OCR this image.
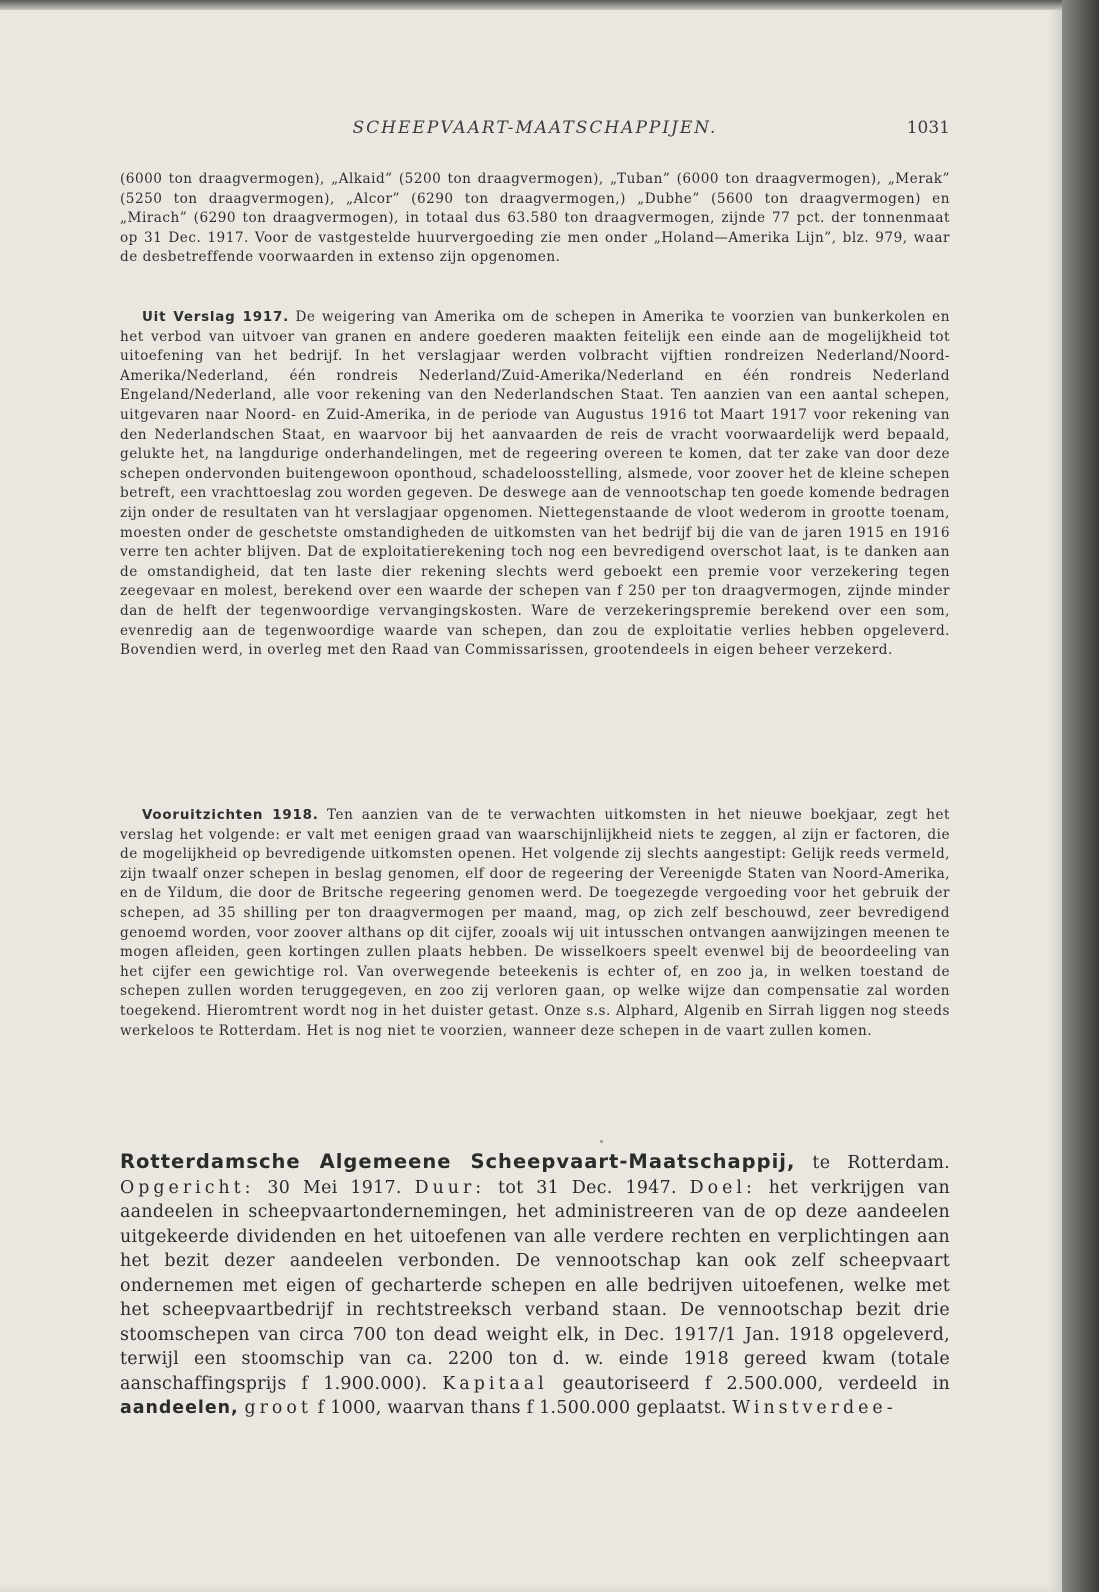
SCHEEPVAART-MAATSCHAPPIJEN.	1031

(6000 ton draagvermogen), „Alkaid” (5200 ton draagvermogen), „Tuban” (6000 ton draagvermogen), „Merak” (5250 ton draagvermogen), „Alcor” (6290 ton draagvermogen,) „Dubhe” (5600 ton draagvermogen) en „Mirach” (6290 ton draagvermogen), in totaal dus 63.580 ton draagvermogen, zijnde 77 pct. der tonnenmaat op 31 Dec. 1917. Voor de vastgestelde huurvergoeding zie men onder „Holand—Amerika Lijn”, blz. 979, waar de desbetreffende voorwaarden in extenso zijn opgenomen.

Uit Verslag 1917. De weigering van Amerika om de schepen in Amerika te voorzien van bunkerkolen en het verbod van uitvoer van granen en andere goederen maakten feitelijk een einde aan de mogelijkheid tot uitoefening van het bedrijf. In het verslagjaar werden volbracht vijftien rondreizen Nederland/Noord-Amerika/Nederland, één rondreis Nederland/Zuid-Amerika/Nederland en één rondreis Nederland Engeland/Nederland, alle voor rekening van den Nederlandschen Staat. Ten aanzien van een aantal schepen, uitgevaren naar Noord- en Zuid-Amerika, in de periode van Augustus 1916 tot Maart 1917 voor rekening van den Nederlandschen Staat, en waarvoor bij het aanvaarden de reis de vracht voorwaardelijk werd bepaald, gelukte het, na langdurige onderhandelingen, met de regeering overeen te komen, dat ter zake van door deze schepen ondervonden buitengewoon oponthoud, schadeloosstelling, alsmede, voor zoover het de kleine schepen betreft, een vrachttoeslag zou worden gegeven. De deswege aan de vennootschap ten goede komende bedragen zijn onder de resultaten van ht verslagjaar opgenomen. Niettegenstaande de vloot wederom in grootte toenam, moesten onder de geschetste omstandigheden de uitkomsten van het bedrijf bij die van de jaren 1915 en 1916 verre ten achter blijven. Dat de exploitatierekening toch nog een bevredigend overschot laat, is te danken aan de omstandigheid, dat ten laste dier rekening slechts werd geboekt een premie voor verzekering tegen zeegevaar en molest, berekend over een waarde der schepen van f 250 per ton draagvermogen, zijnde minder dan de helft der tegenwoordige vervangingskosten. Ware de verzekeringspremie berekend over een som, evenredig aan de tegenwoordige waarde van schepen, dan zou de exploitatie verlies hebben opgeleverd. Bovendien werd, in overleg met den Raad van Commissarissen, grootendeels in eigen beheer verzekerd.

Vooruitzichten 1918. Ten aanzien van de te verwachten uitkomsten in het nieuwe boekjaar, zegt het verslag het volgende: er valt met eenigen graad van waarschijnlijkheid niets te zeggen, al zijn er factoren, die de mogelijkheid op bevredigende uitkomsten openen. Het volgende zij slechts aangestipt: Gelijk reeds vermeld, zijn twaalf onzer schepen in beslag genomen, elf door de regeering der Vereenigde Staten van Noord-Amerika, en de Yildum, die door de Britsche regeering genomen werd. De toegezegde vergoeding voor het gebruik der schepen, ad 35 shilling per ton draagvermogen per maand, mag, op zich zelf beschouwd, zeer bevredigend genoemd worden, voor zoover althans op dit cijfer, zooals wij uit intusschen ontvangen aanwijzingen meenen te mogen afleiden, geen kortingen zullen plaats hebben. De wisselkoers speelt evenwel bij de beoordeeling van het cijfer een gewichtige rol. Van overwegende beteekenis is echter of, en zoo ja, in welken toestand de schepen zullen worden teruggegeven, en zoo zij verloren gaan, op welke wijze dan compensatie zal worden toegekend. Hieromtrent wordt nog in het duister getast. Onze s.s. Alphard, Algenib en Sirrah liggen nog steeds werkeloos te Rotterdam. Het is nog niet te voorzien, wanneer deze schepen in de vaart zullen komen.

Rotterdamsche Algemeene Scheepvaart-Maatschappij, te Rotterdam. Opgericht: 30 Mei 1917. Duur: tot 31 Dec. 1947. Doel: het verkrijgen van aandeelen in scheepvaartondernemingen, het administreeren van de op deze aandeelen uitgekeerde dividenden en het uitoefenen van alle verdere rechten en verplichtingen aan het bezit dezer aandeelen verbonden. De vennootschap kan ook zelf scheepvaart ondernemen met eigen of gecharterde schepen en alle bedrijven uitoefenen, welke met het scheepvaartbedrijf in rechtstreeksch verband staan. De vennootschap bezit drie stoomschepen van circa 700 ton dead weight elk, in Dec. 1917/1 Jan. 1918 opgeleverd, terwijl een stoomschip van ca. 2200 ton d. w. einde 1918 gereed kwam (totale aanschaffingsprijs f 1.900.000). Kapitaal geautoriseerd f 2.500.000, verdeeld in aandeelen, groot f 1000, waarvan thans f 1.500.000 geplaatst. Winstverdee-
